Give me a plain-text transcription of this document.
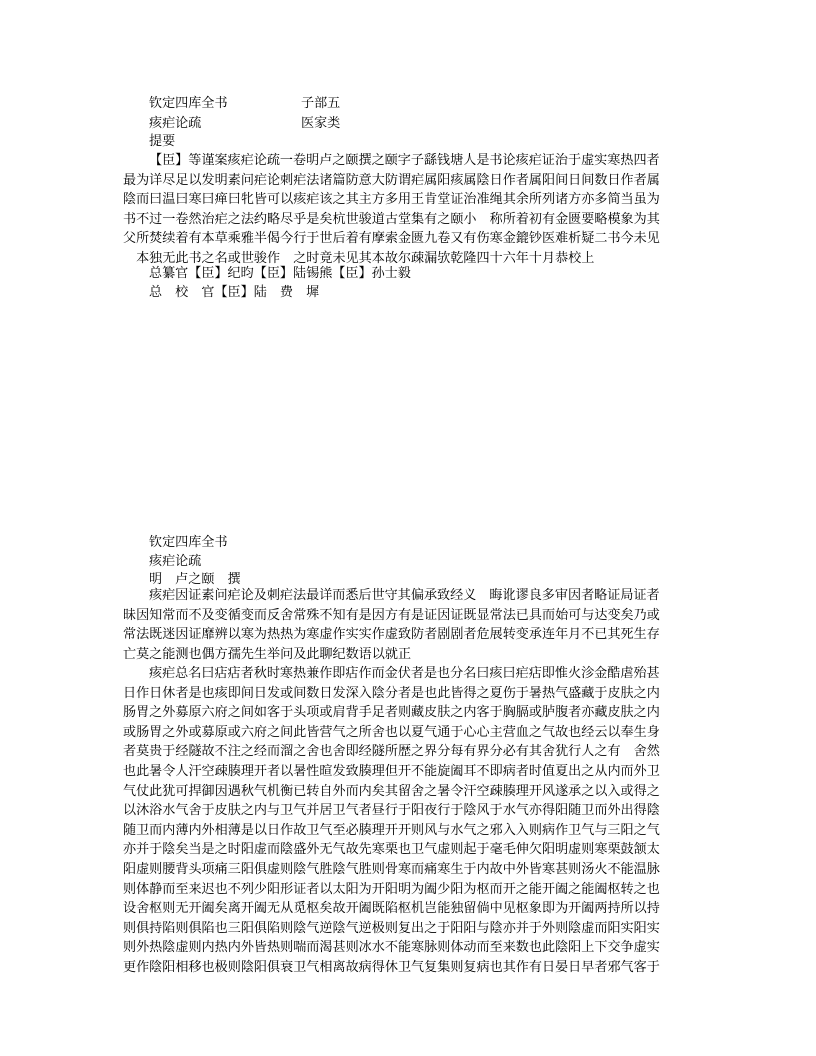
钦定四库全书	子部五
痎疟论疏	医家类
提要
【臣】等谨案痎疟论疏一卷明卢之颐撰之颐字子繇钱塘人是书论痎疟证治于虚实寒热四者
最为详尽足以发明素问疟论刺疟法诸篇防意大防谓疟属阳痎属陰日作者属阳间日间数日作者属
陰而曰温曰寒曰瘅曰牝皆可以痎疟该之其主方多用王肯堂证治准绳其余所列诸方亦多简当虽为
书不过一卷然治疟之法约略尽乎是矣杭世骏道古堂集有之颐小　称所着初有金匮要略模象为其
父所焚续着有本草乘雅半偈今行于世后着有摩索金匮九卷又有伤寒金鎞钞医难析疑二书今未见
　本独无此书之名或世骏作　之时竟未见其本故尔疎漏欤乾隆四十六年十月恭校上
总纂官【臣】纪昀【臣】陆锡熊【臣】孙士毅
总　校　官【臣】陆　费　墀
钦定四库全书
痎疟论疏
明　卢之颐　撰
痎疟因证素问疟论及刺疟法最详而悉后世守其偏承致经义　晦讹谬良多审因者略证局证者
昧因知常而不及变循变而反舍常殊不知有是因方有是证因证既显常法已具而始可与达变矣乃或
常法既迷因证靡辨以寒为热热为寒虚作实实作虚致防者剧剧者危展转变承连年月不已其死生存
亡莫之能测也偶方孺先生举问及此聊纪数语以就正
痎疟总名曰痁痁者秋时寒热兼作即痁作而金伏者是也分名曰痎曰疟痁即惟火沴金酷虐殆甚
日作日休者是也痎即间日发或间数日发深入陰分者是也此皆得之夏伤于暑热气盛藏于皮肤之内
肠胃之外募原六府之间如客于头项或肩背手足者则藏皮肤之内客于胸膈或胪腹者亦藏皮肤之内
或肠胃之外或募原或六府之间此皆营气之所舍也以夏气通于心心主营血之气故也经云以奉生身
者莫贵于经隧故不注之经而溜之舍也舍即经隧所歴之界分每有界分必有其舍犹行人之有　舍然
也此暑令人汗空疎腠理开者以暑性暄发致腠理但开不能旋阖耳不即病者时值夏出之从内而外卫
气仗此犹可捍御因遇秋气机衡已转自外而内矣其留舍之暑令汗空疎腠理开风遂承之以入或得之
以沐浴水气舍于皮肤之内与卫气并居卫气者昼行于阳夜行于陰风于水气亦得阳随卫而外出得陰
随卫而内薄内外相薄是以日作故卫气至必腠理开开则风与水气之邪入入则病作卫气与三阳之气
亦并于陰矣当是之时阳虚而陰盛外无气故先寒栗也卫气虚则起于毫毛伸欠阳明虚则寒栗鼓颔太
阳虚则腰背头项痛三阳俱虚则陰气胜陰气胜则骨寒而痛寒生于内故中外皆寒甚则汤火不能温脉
则体静而至来迟也不列少阳形证者以太阳为开阳明为阖少阳为枢而开之能开阖之能阖枢转之也
设舍枢则无开阖矣离开阖无从觅枢矣故开阖既陷枢机岂能独留倘中见枢象即为开阖两持所以持
则俱持陷则俱陷也三阳俱陷则陰气逆陰气逆极则复出之于阳阳与陰亦并于外则陰虚而阳实阳实
则外热陰虚则内热内外皆热则喘而渴甚则冰水不能寒脉则体动而至来数也此陰阳上下交争虚实
更作陰阳相移也极则陰阳俱衰卫气相离故病得休卫气复集则复病也其作有日晏日早者邪气客于
